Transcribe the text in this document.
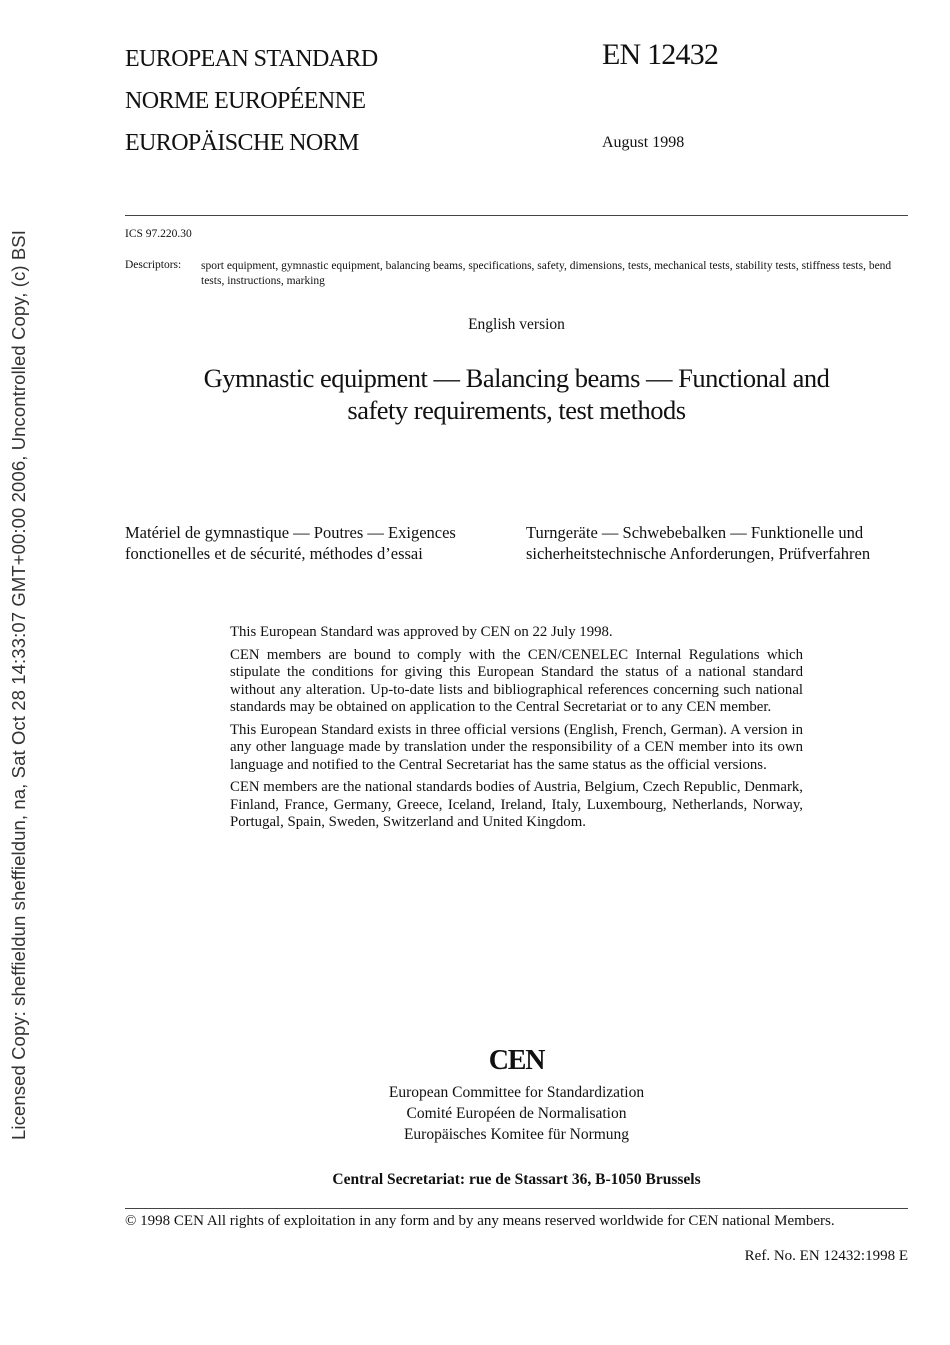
Licensed Copy: sheffieldun sheffieldun, na, Sat Oct 28 14:33:07 GMT+00:00 2006, Uncontrolled Copy, (c) BSI
EUROPEAN STANDARD
NORME EUROPÉENNE
EUROPÄISCHE NORM
EN 12432
August 1998
ICS 97.220.30
Descriptors: sport equipment, gymnastic equipment, balancing beams, specifications, safety, dimensions, tests, mechanical tests, stability tests, stiffness tests, bend tests, instructions, marking
English version
Gymnastic equipment — Balancing beams — Functional and
safety requirements, test methods
Matériel de gymnastique — Poutres — Exigences
fonctionelles et de sécurité, méthodes d’essai
Turngeräte — Schwebebalken — Funktionelle und
sicherheitstechnische Anforderungen, Prüfverfahren

This European Standard was approved by CEN on 22 July 1998.

CEN members are bound to comply with the CEN/CENELEC Internal Regulations which stipulate the conditions for giving this European Standard the status of a national standard without any alteration. Up-to-date lists and bibliographical references concerning such national standards may be obtained on application to the Central Secretariat or to any CEN member.

This European Standard exists in three official versions (English, French, German). A version in any other language made by translation under the responsibility of a CEN member into its own language and notified to the Central Secretariat has the same status as the official versions.

CEN members are the national standards bodies of Austria, Belgium, Czech Republic, Denmark, Finland, France, Germany, Greece, Iceland, Ireland, Italy, Luxembourg, Netherlands, Norway, Portugal, Spain, Sweden, Switzerland and United Kingdom.

CEN
European Committee for Standardization
Comité Européen de Normalisation
Europäisches Komitee für Normung
Central Secretariat: rue de Stassart 36, B-1050 Brussels
© 1998 CEN All rights of exploitation in any form and by any means reserved worldwide for CEN national Members.
Ref. No. EN 12432:1998 E
